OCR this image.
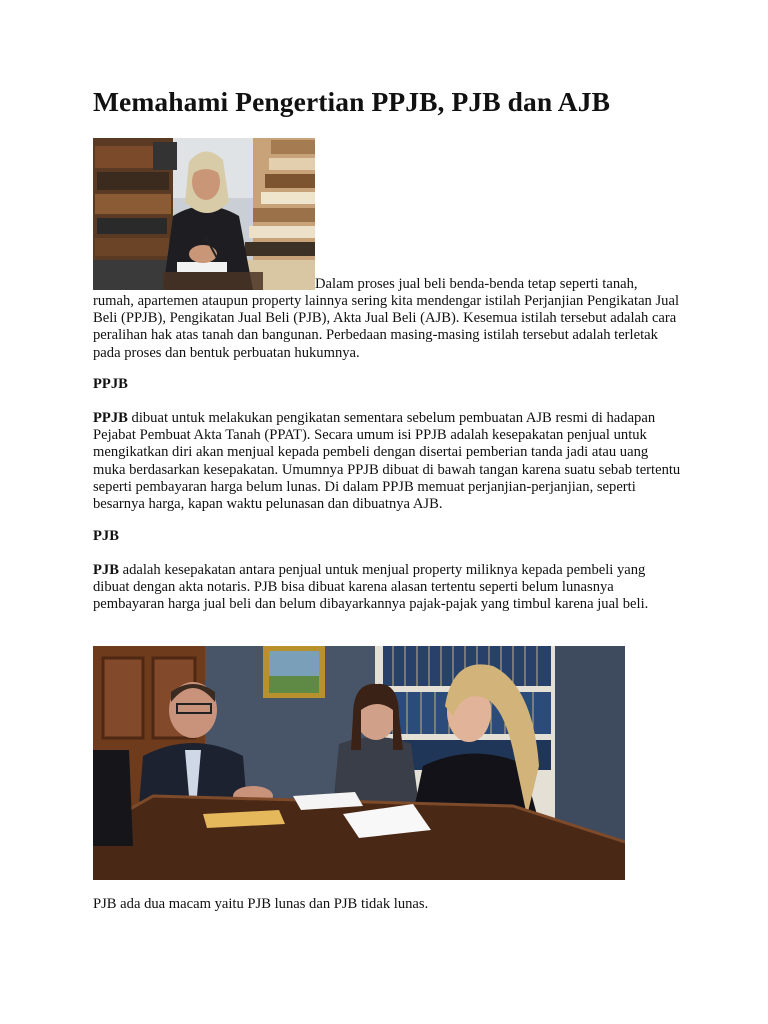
Memahami Pengertian PPJB, PJB dan AJB
Dalam proses jual beli benda-benda tetap seperti tanah,

rumah, apartemen ataupun property lainnya sering kita mendengar istilah Perjanjian Pengikatan Jual Beli (PPJB), Pengikatan Jual Beli (PJB), Akta Jual Beli (AJB). Kesemua istilah tersebut adalah cara peralihan hak atas tanah dan bangunan. Perbedaan masing-masing istilah tersebut adalah terletak pada proses dan bentuk perbuatan hukumnya.

PPJB

PPJB dibuat untuk melakukan pengikatan sementara sebelum pembuatan AJB resmi di hadapan Pejabat Pembuat Akta Tanah (PPAT). Secara umum isi PPJB adalah kesepakatan penjual untuk mengikatkan diri akan menjual kepada pembeli dengan disertai pemberian tanda jadi atau uang muka berdasarkan kesepakatan. Umumnya PPJB dibuat di bawah tangan karena suatu sebab tertentu seperti pembayaran harga belum lunas. Di dalam PPJB memuat perjanjian-perjanjian, seperti besarnya harga, kapan waktu pelunasan dan dibuatnya AJB.

PJB

PJB adalah kesepakatan antara penjual untuk menjual property miliknya kepada pembeli yang dibuat dengan akta notaris. PJB bisa dibuat karena alasan tertentu seperti belum lunasnya pembayaran harga jual beli dan belum dibayarkannya pajak-pajak yang timbul karena jual beli.

PJB ada dua macam yaitu PJB lunas dan PJB tidak lunas.
